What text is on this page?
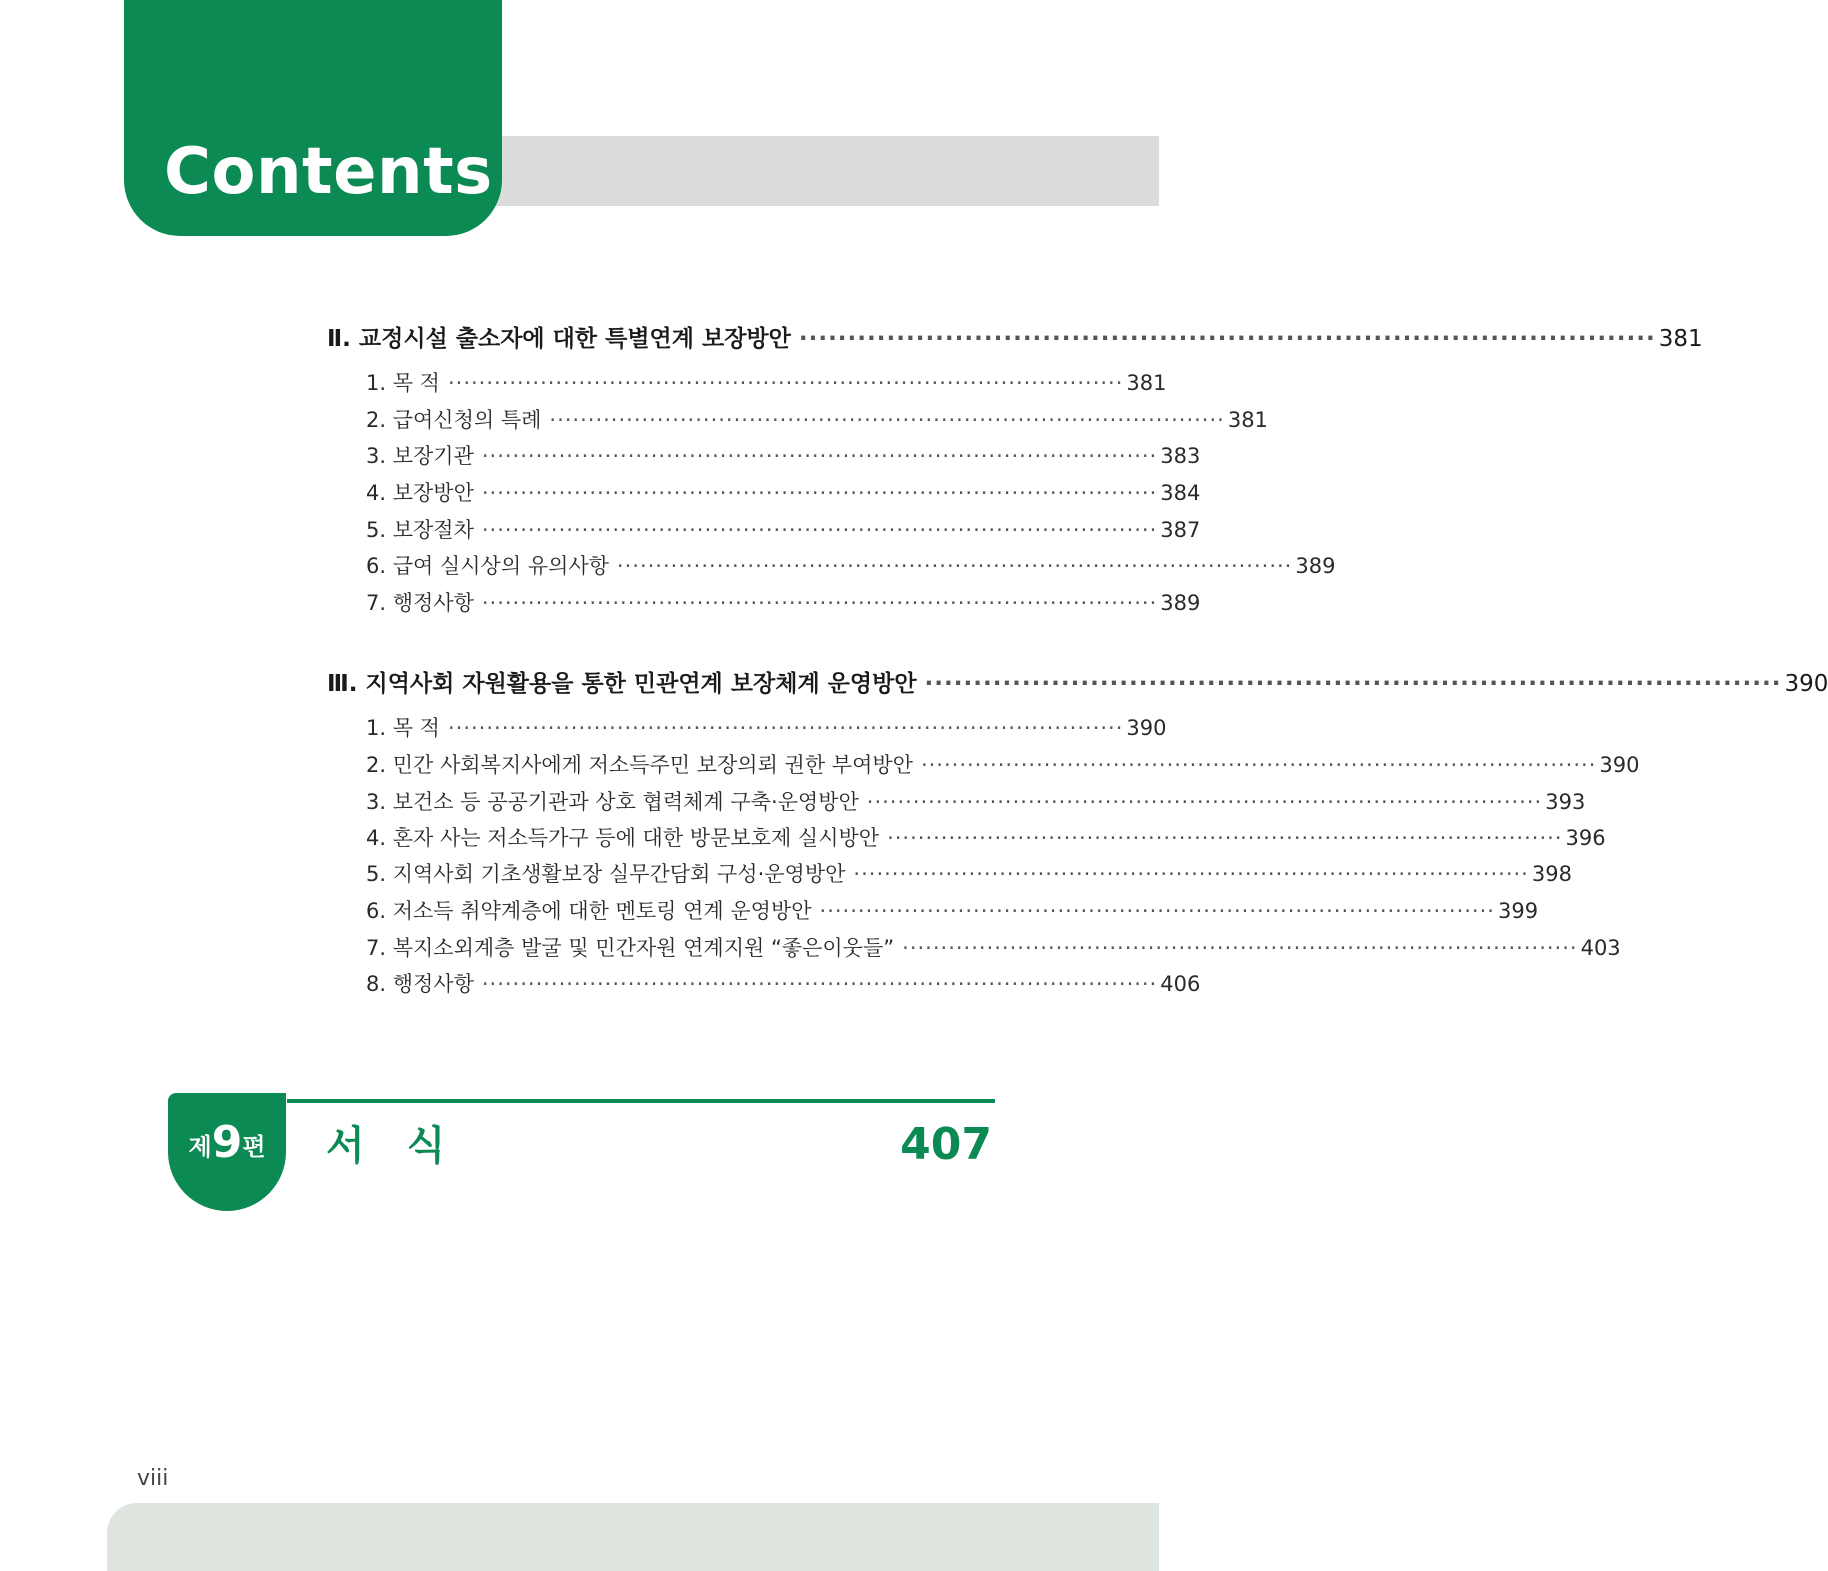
Contents
Ⅱ. 교정시설 출소자에 대한 특별연계 보장방안 ························································································ 381
1. 목 적 ························································································ 381
2. 급여신청의 특례 ························································································ 381
3. 보장기관 ························································································ 383
4. 보장방안 ························································································ 384
5. 보장절차 ························································································ 387
6. 급여 실시상의 유의사항 ························································································ 389
7. 행정사항 ························································································ 389
Ⅲ. 지역사회 자원활용을 통한 민관연계 보장체계 운영방안 ························································································ 390
1. 목 적 ························································································ 390
2. 민간 사회복지사에게 저소득주민 보장의뢰 권한 부여방안 ························································································ 390
3. 보건소 등 공공기관과 상호 협력체계 구축·운영방안 ························································································ 393
4. 혼자 사는 저소득가구 등에 대한 방문보호제 실시방안 ························································································ 396
5. 지역사회 기초생활보장 실무간담회 구성·운영방안 ························································································ 398
6. 저소득 취약계층에 대한 멘토링 연계 운영방안 ························································································ 399
7. 복지소외계층 발굴 및 민간자원 연계지원 “좋은이웃들” ························································································ 403
8. 행정사항 ························································································ 406
제9편	서 식	407
viii
